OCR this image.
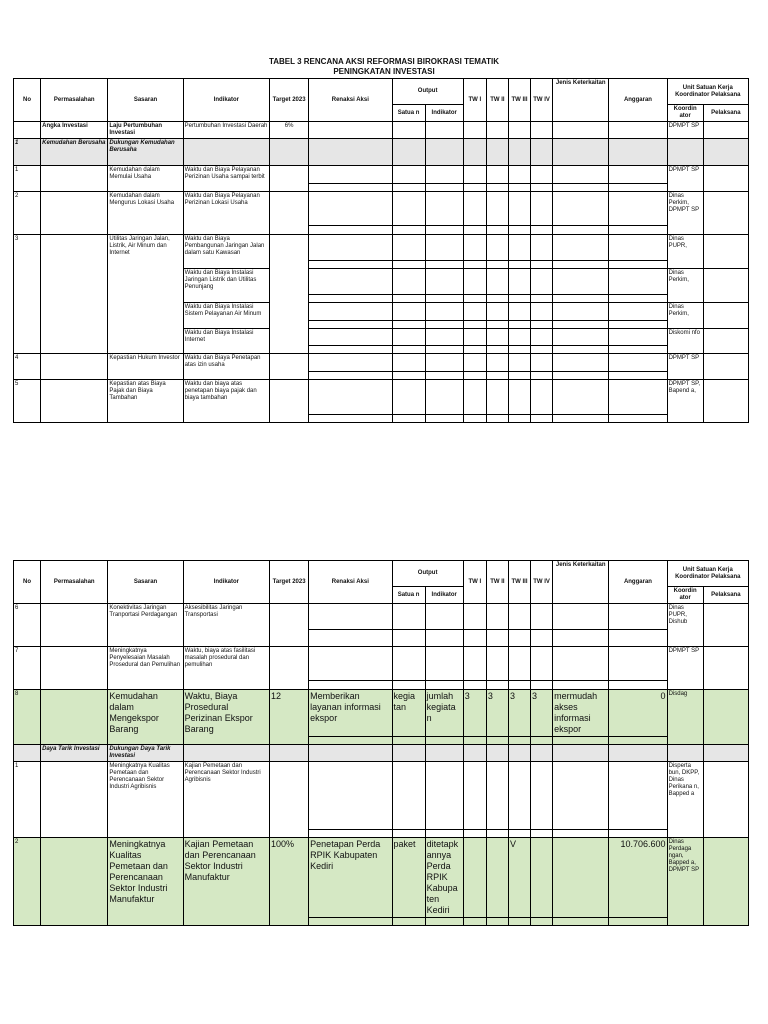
TABEL 3 RENCANA AKSI REFORMASI BIROKRASI TEMATIK
PENINGKATAN INVESTASI
No	Permasalahan	Sasaran	Indikator	Target 2023	Renaksi Aksi	Output		TW I	TW II	TW III	TW IV	Jenis Keterkaitan	Anggaran	Unit Satuan Kerja Koordinator Pelaksana	
						Satua n	Indikator							Koordin ator	Pelaksana
	Angka Investasi	Laju Pertumbuhan Investasi	Pertumbuhan Investasi Daerah	6%										DPMPT SP	
1	Kemudahan Berusaha	Dukungan Kemudahan Berusaha													
1		Kemudahan dalam Memulai Usaha	Waktu dan Biaya Pelayanan Perizinan Usaha sampai terbit											DPMPT SP	

2		Kemudahan dalam Mengurus Lokasi Usaha	Waktu dan Biaya Pelayanan Perizinan Lokasi Usaha											Dinas Perkim, DPMPT SP	

3		Utilitas Jaringan Jalan, Listrik, Air Minum dan Internet	Waktu dan Biaya Pembangunan Jaringan Jalan dalam satu Kawasan											Dinas PUPR,	

			Waktu dan Biaya Instalasi Jaringan Listrik dan Utilitas Penunjang											Dinas Perkim,	

			Waktu dan Biaya Instalasi Sistem Pelayanan Air Minum											Dinas Perkim,	

			Waktu dan Biaya Instalasi Internet											Diskomi nfo	

4		Kepastian Hukum Investor	Waktu dan Biaya Penetapan atas izin usaha											DPMPT SP	

5		Kepastian atas Biaya Pajak dan Biaya Tambahan	Waktu dan biaya atas penetapan biaya pajak dan biaya tambahan											DPMPT SP, Bapend a,	

No	Permasalahan	Sasaran	Indikator	Target 2023	Renaksi Aksi	Output		TW I	TW II	TW III	TW IV	Jenis Keterkaitan	Anggaran	Unit Satuan Kerja Koordinator Pelaksana	
						Satua n	Indikator							Koordin ator	Pelaksana
6		Konektivitas Jaringan Tranportasi Perdagangan	Aksesibilitas Jaringan Transportasi											Dinas PUPR, Dishub	

7		Meningkatnya Penyelesaian Masalah Prosedural dan Pemulihan	Waktu, biaya atas fasilitasi masalah prosedural dan pemulihan											DPMPT SP	

8		Kemudahan dalam Mengekspor Barang	Waktu, Biaya Prosedural Perizinan Ekspor Barang	12	Memberikan layanan informasi ekspor	kegia tan	jumlah kegiata n	3	3	3	3	mermudah akses informasi ekspor	0	Disdag	

	Daya Tarik Investasi	Dukungan Daya Tarik Investasi													
1		Meningkatnya Kualitas Pemetaan dan Perencanaan Sektor Industri Agribisnis	Kajian Pemetaan dan Perencanaan Sektor Industri Agribisnis											Disperta bun, DKPP, Dinas Perikana n, Bapped a	

2		Meningkatnya Kualitas Pemetaan dan Perencanaan Sektor Industri Manufaktur	Kajian Pemetaan dan Perencanaan Sektor Industri Manufaktur	100%	Penetapan Perda RPIK Kabupaten Kediri	paket	ditetapk annya Perda RPIK Kabupa ten Kediri			V			10.706.600	Dinas Perdaga ngan, Bapped a, DPMPT SP	
